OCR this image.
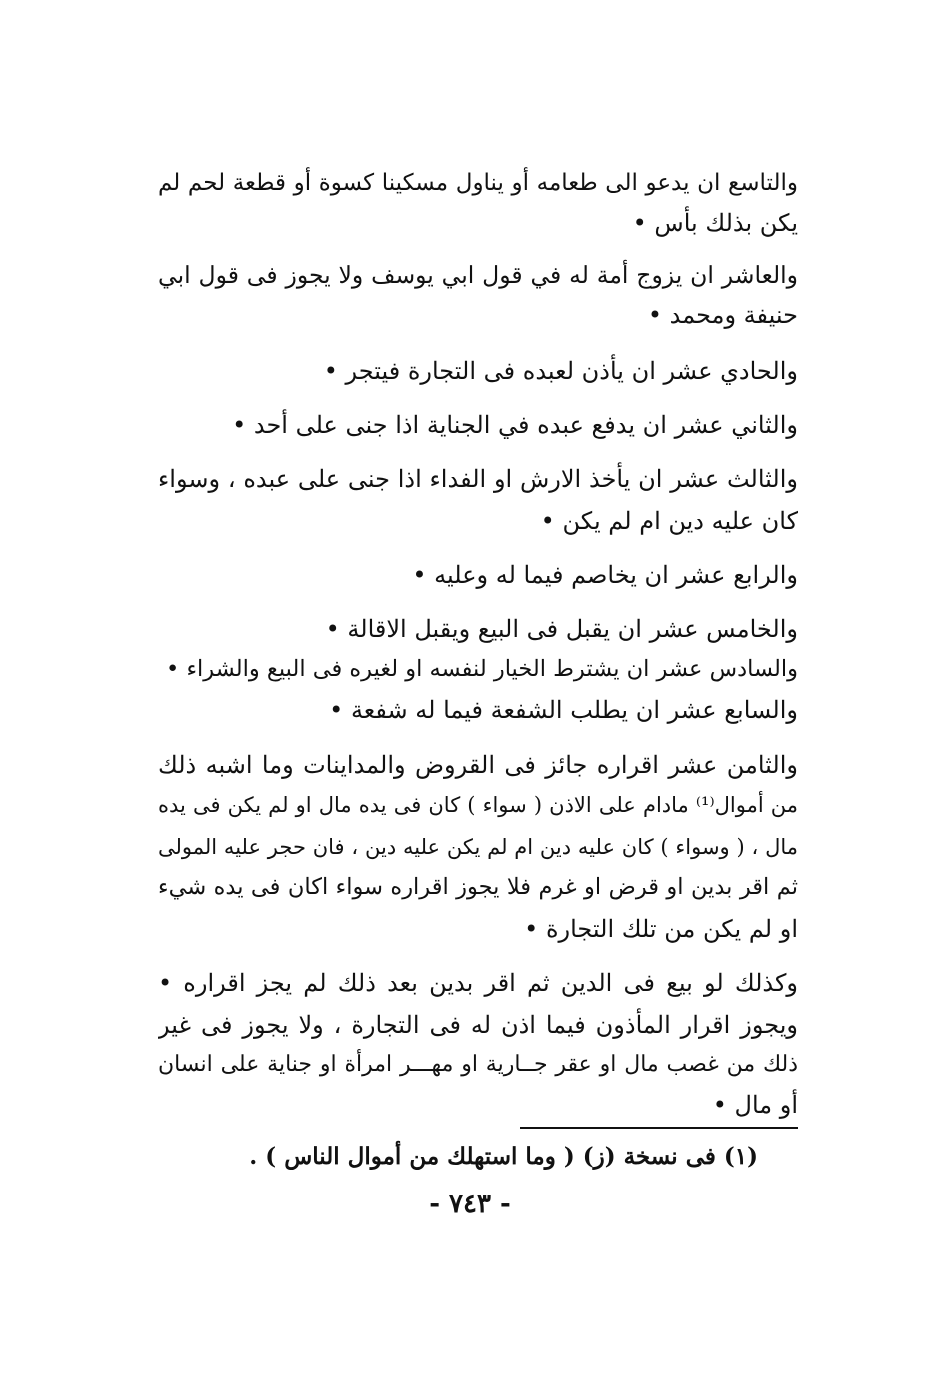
والتاسع ان يدعو الى طعامه أو يناول مسكينا كسوة أو قطعة لحم لم
يكن بذلك بأس •
والعاشر ان يزوج أمة له في قول ابي يوسف ولا يجوز فى قول ابي
حنيفة ومحمد •
والحادي عشر ان يأذن لعبده فى التجارة فيتجر •
والثاني عشر ان يدفع عبده في الجناية اذا جنى على أحد •
والثالث عشر ان يأخذ الارش او الفداء اذا جنى على عبده ، وسواء
كان عليه دين ام لم يكن •
والرابع عشر ان يخاصم فيما له وعليه •
والخامس عشر ان يقبل فى البيع ويقبل الاقالة •
والسادس عشر ان يشترط الخيار لنفسه او لغيره فى البيع والشراء •
والسابع عشر ان يطلب الشفعة فيما له شفعة •
والثامن عشر اقراره جائز فى القروض والمداينات وما اشبه ذلك
من أموال⁽¹⁾ مادام على الاذن ( سواء ) كان فى يده مال او لم يكن فى يده
مال ، ( وسواء ) كان عليه دين ام لم يكن عليه دين ، فان حجر عليه المولى
ثم اقر بدين او قرض او غرم فلا يجوز اقراره سواء اكان فى يده شيء
او لم يكن من تلك التجارة •
وكذلك لو بيع فى الدين ثم اقر بدين بعد ذلك لم يجز اقراره •
ويجوز اقرار المأذون فيما اذن له فى التجارة ، ولا يجوز فى غير
ذلك من غصب مال او عقر جــارية او مهـــر امرأة او جناية على انسان
أو مال •
(١) فى نسخة (ز) ( وما استهلك من أموال الناس ) .
- ٧٤٣ -
